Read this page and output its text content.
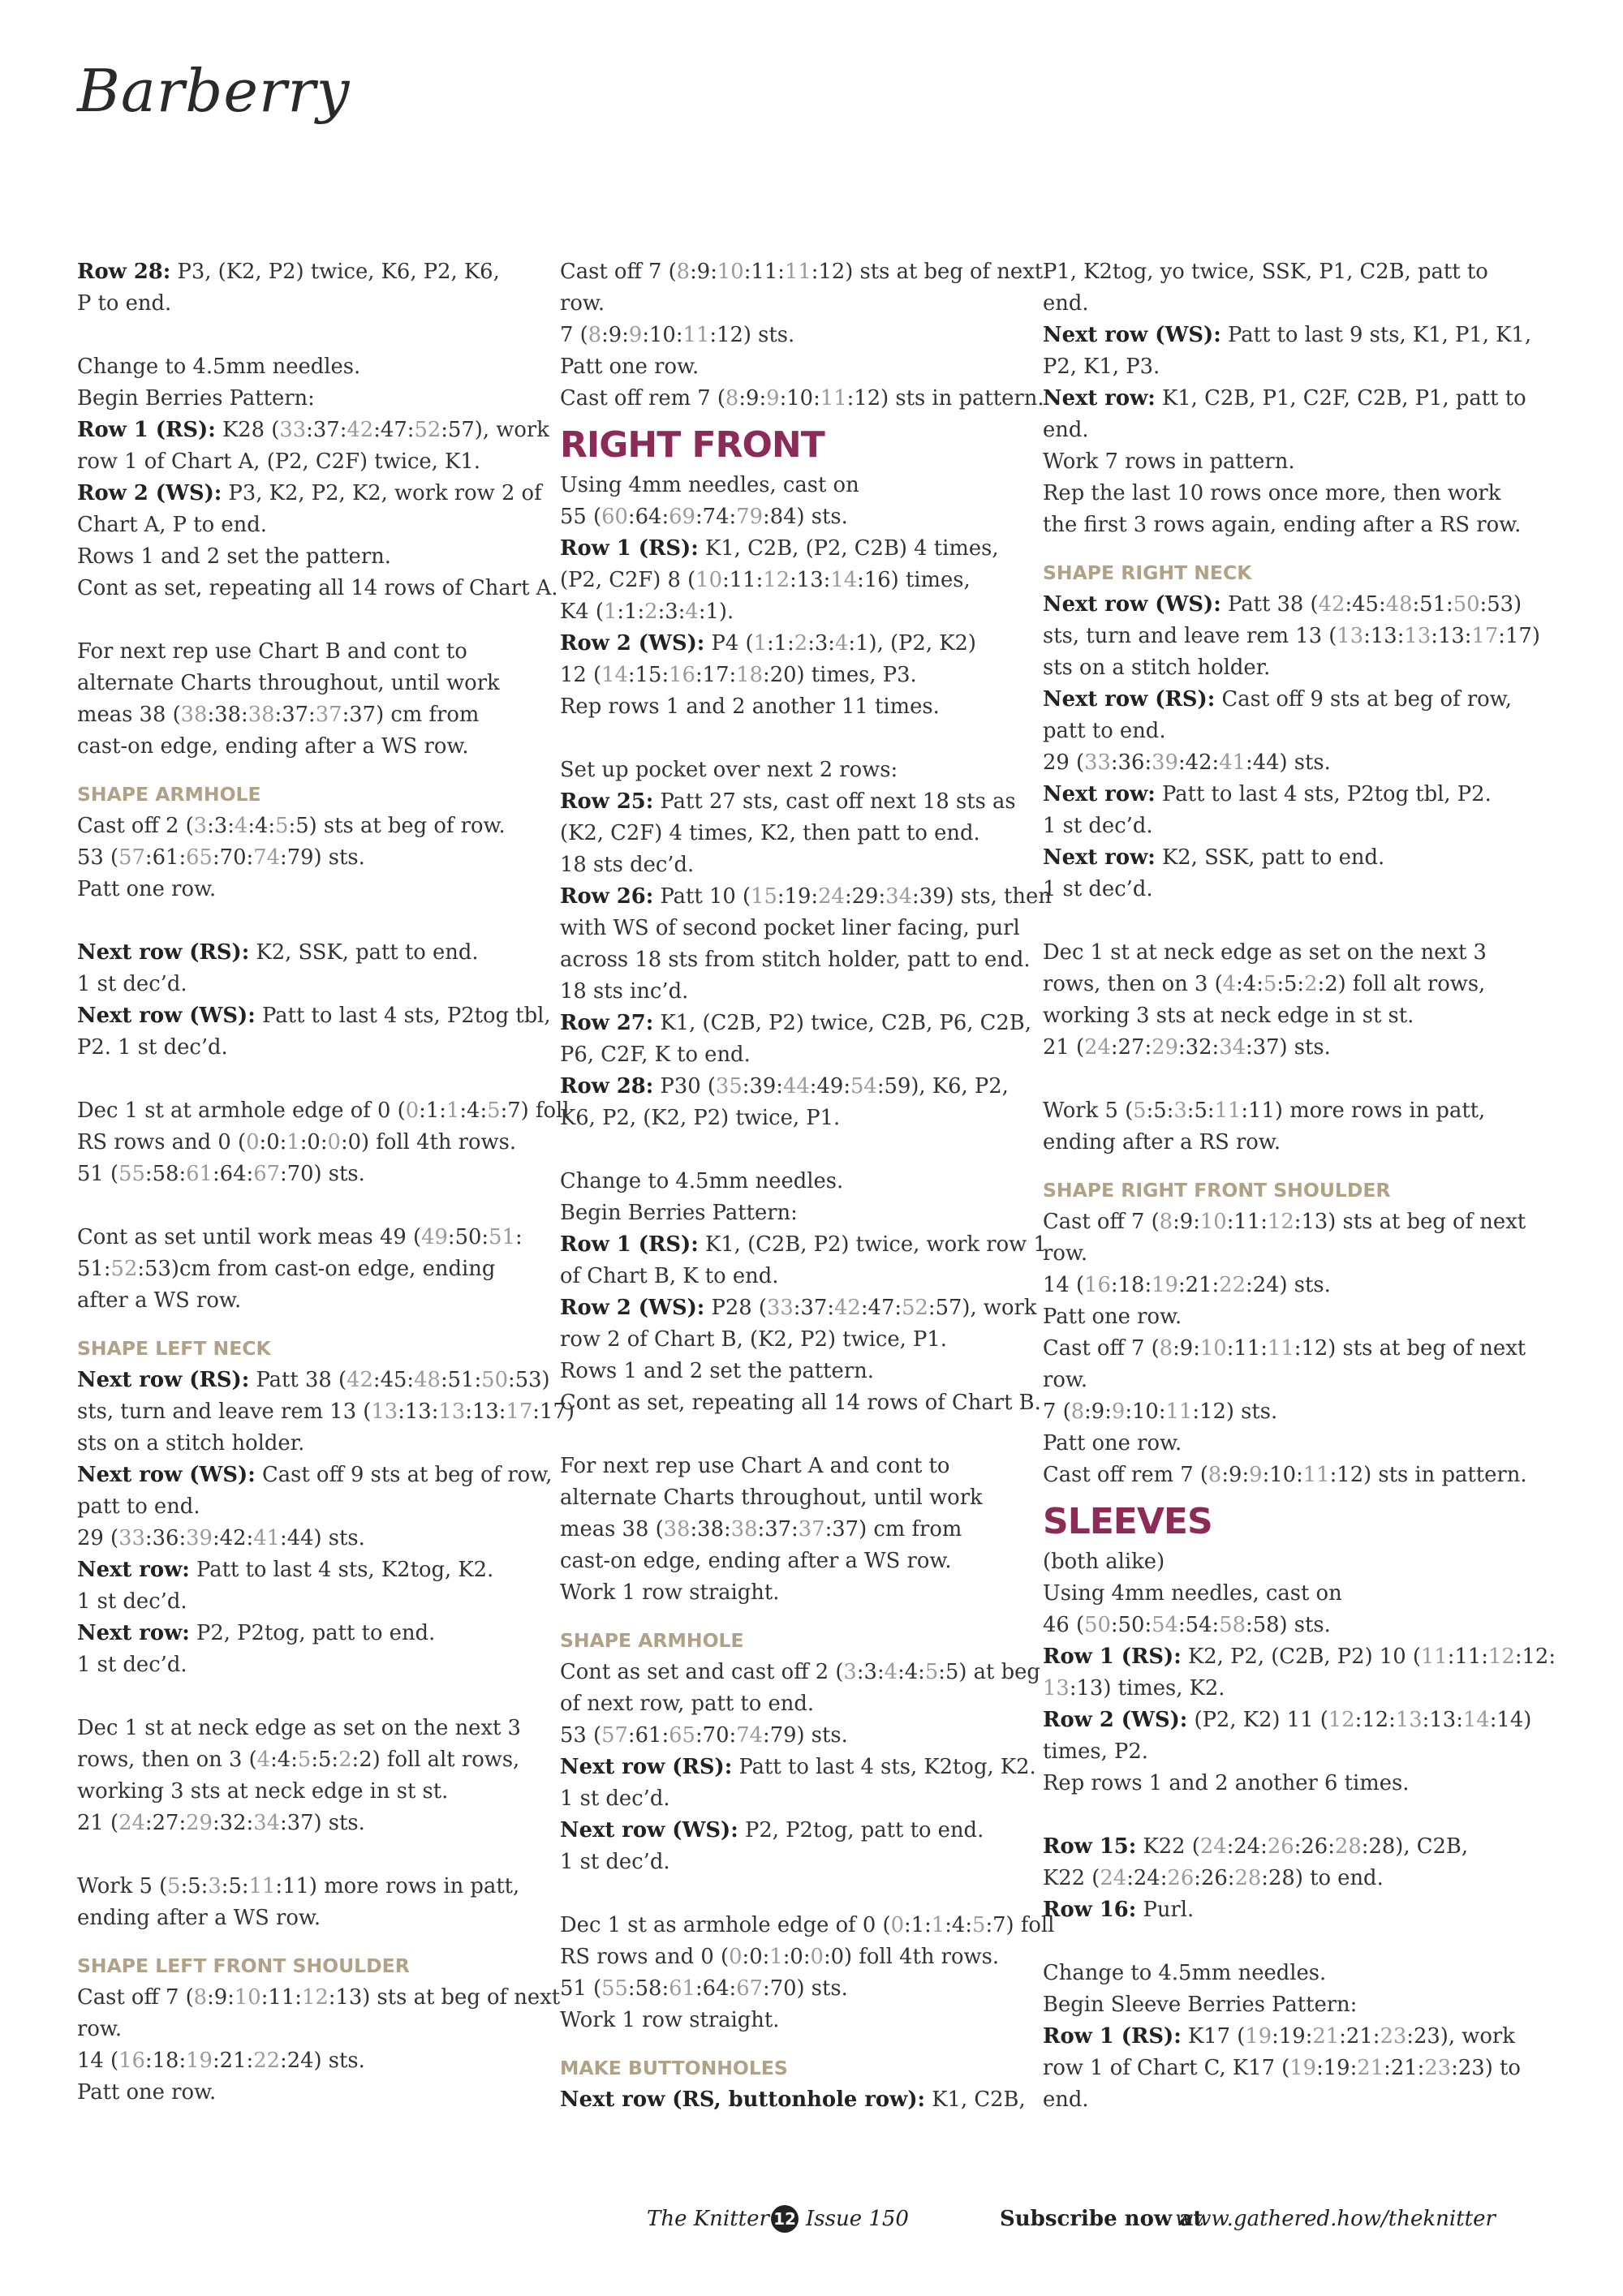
Barberry
Row 28: P3, (K2, P2) twice, K6, P2, K6,
P to end.
Change to 4.5mm needles.
Begin Berries Pattern:
Row 1 (RS): K28 (33:37:42:47:52:57), work
row 1 of Chart A, (P2, C2F) twice, K1.
Row 2 (WS): P3, K2, P2, K2, work row 2 of
Chart A, P to end.
Rows 1 and 2 set the pattern.
Cont as set, repeating all 14 rows of Chart A.
For next rep use Chart B and cont to
alternate Charts throughout, until work
meas 38 (38:38:38:37:37:37) cm from
cast-on edge, ending after a WS row.
SHAPE ARMHOLE
Cast off 2 (3:3:4:4:5:5) sts at beg of row.
53 (57:61:65:70:74:79) sts.
Patt one row.
Next row (RS): K2, SSK, patt to end.
1 st dec’d.
Next row (WS): Patt to last 4 sts, P2tog tbl,
P2. 1 st dec’d.
Dec 1 st at armhole edge of 0 (0:1:1:4:5:7) foll
RS rows and 0 (0:0:1:0:0:0) foll 4th rows.
51 (55:58:61:64:67:70) sts.
Cont as set until work meas 49 (49:50:51:
51:52:53)cm from cast-on edge, ending
after a WS row.
SHAPE LEFT NECK
Next row (RS): Patt 38 (42:45:48:51:50:53)
sts, turn and leave rem 13 (13:13:13:13:17:17)
sts on a stitch holder.
Next row (WS): Cast off 9 sts at beg of row,
patt to end.
29 (33:36:39:42:41:44) sts.
Next row: Patt to last 4 sts, K2tog, K2.
1 st dec’d.
Next row: P2, P2tog, patt to end.
1 st dec’d.
Dec 1 st at neck edge as set on the next 3
rows, then on 3 (4:4:5:5:2:2) foll alt rows,
working 3 sts at neck edge in st st.
21 (24:27:29:32:34:37) sts.
Work 5 (5:5:3:5:11:11) more rows in patt,
ending after a WS row.
SHAPE LEFT FRONT SHOULDER
Cast off 7 (8:9:10:11:12:13) sts at beg of next
row.
14 (16:18:19:21:22:24) sts.
Patt one row.
Cast off 7 (8:9:10:11:11:12) sts at beg of next
row.
7 (8:9:9:10:11:12) sts.
Patt one row.
Cast off rem 7 (8:9:9:10:11:12) sts in pattern.
RIGHT FRONT
Using 4mm needles, cast on
55 (60:64:69:74:79:84) sts.
Row 1 (RS): K1, C2B, (P2, C2B) 4 times,
(P2, C2F) 8 (10:11:12:13:14:16) times,
K4 (1:1:2:3:4:1).
Row 2 (WS): P4 (1:1:2:3:4:1), (P2, K2)
12 (14:15:16:17:18:20) times, P3.
Rep rows 1 and 2 another 11 times.
Set up pocket over next 2 rows:
Row 25: Patt 27 sts, cast off next 18 sts as
(K2, C2F) 4 times, K2, then patt to end.
18 sts dec’d.
Row 26: Patt 10 (15:19:24:29:34:39) sts, then
with WS of second pocket liner facing, purl
across 18 sts from stitch holder, patt to end.
18 sts inc’d.
Row 27: K1, (C2B, P2) twice, C2B, P6, C2B,
P6, C2F, K to end.
Row 28: P30 (35:39:44:49:54:59), K6, P2,
K6, P2, (K2, P2) twice, P1.
Change to 4.5mm needles.
Begin Berries Pattern:
Row 1 (RS): K1, (C2B, P2) twice, work row 1
of Chart B, K to end.
Row 2 (WS): P28 (33:37:42:47:52:57), work
row 2 of Chart B, (K2, P2) twice, P1.
Rows 1 and 2 set the pattern.
Cont as set, repeating all 14 rows of Chart B.
For next rep use Chart A and cont to
alternate Charts throughout, until work
meas 38 (38:38:38:37:37:37) cm from
cast-on edge, ending after a WS row.
Work 1 row straight.
SHAPE ARMHOLE
Cont as set and cast off 2 (3:3:4:4:5:5) at beg
of next row, patt to end.
53 (57:61:65:70:74:79) sts.
Next row (RS): Patt to last 4 sts, K2tog, K2.
1 st dec’d.
Next row (WS): P2, P2tog, patt to end.
1 st dec’d.
Dec 1 st as armhole edge of 0 (0:1:1:4:5:7) foll
RS rows and 0 (0:0:1:0:0:0) foll 4th rows.
51 (55:58:61:64:67:70) sts.
Work 1 row straight.
MAKE BUTTONHOLES
Next row (RS, buttonhole row): K1, C2B,
P1, K2tog, yo twice, SSK, P1, C2B, patt to
end.
Next row (WS): Patt to last 9 sts, K1, P1, K1,
P2, K1, P3.
Next row: K1, C2B, P1, C2F, C2B, P1, patt to
end.
Work 7 rows in pattern.
Rep the last 10 rows once more, then work
the first 3 rows again, ending after a RS row.
SHAPE RIGHT NECK
Next row (WS): Patt 38 (42:45:48:51:50:53)
sts, turn and leave rem 13 (13:13:13:13:17:17)
sts on a stitch holder.
Next row (RS): Cast off 9 sts at beg of row,
patt to end.
29 (33:36:39:42:41:44) sts.
Next row: Patt to last 4 sts, P2tog tbl, P2.
1 st dec’d.
Next row: K2, SSK, patt to end.
1 st dec’d.
Dec 1 st at neck edge as set on the next 3
rows, then on 3 (4:4:5:5:2:2) foll alt rows,
working 3 sts at neck edge in st st.
21 (24:27:29:32:34:37) sts.
Work 5 (5:5:3:5:11:11) more rows in patt,
ending after a RS row.
SHAPE RIGHT FRONT SHOULDER
Cast off 7 (8:9:10:11:12:13) sts at beg of next
row.
14 (16:18:19:21:22:24) sts.
Patt one row.
Cast off 7 (8:9:10:11:11:12) sts at beg of next
row.
7 (8:9:9:10:11:12) sts.
Patt one row.
Cast off rem 7 (8:9:9:10:11:12) sts in pattern.
SLEEVES
(both alike)
Using 4mm needles, cast on
46 (50:50:54:54:58:58) sts.
Row 1 (RS): K2, P2, (C2B, P2) 10 (11:11:12:12:
13:13) times, K2.
Row 2 (WS): (P2, K2) 11 (12:12:13:13:14:14)
times, P2.
Rep rows 1 and 2 another 6 times.
Row 15: K22 (24:24:26:26:28:28), C2B,
K22 (24:24:26:26:28:28) to end.
Row 16: Purl.
Change to 4.5mm needles.
Begin Sleeve Berries Pattern:
Row 1 (RS): K17 (19:19:21:21:23:23), work
row 1 of Chart C, K17 (19:19:21:21:23:23) to
end.
The Knitter 12 Issue 150	Subscribe now at
www.gathered.how/theknitter
